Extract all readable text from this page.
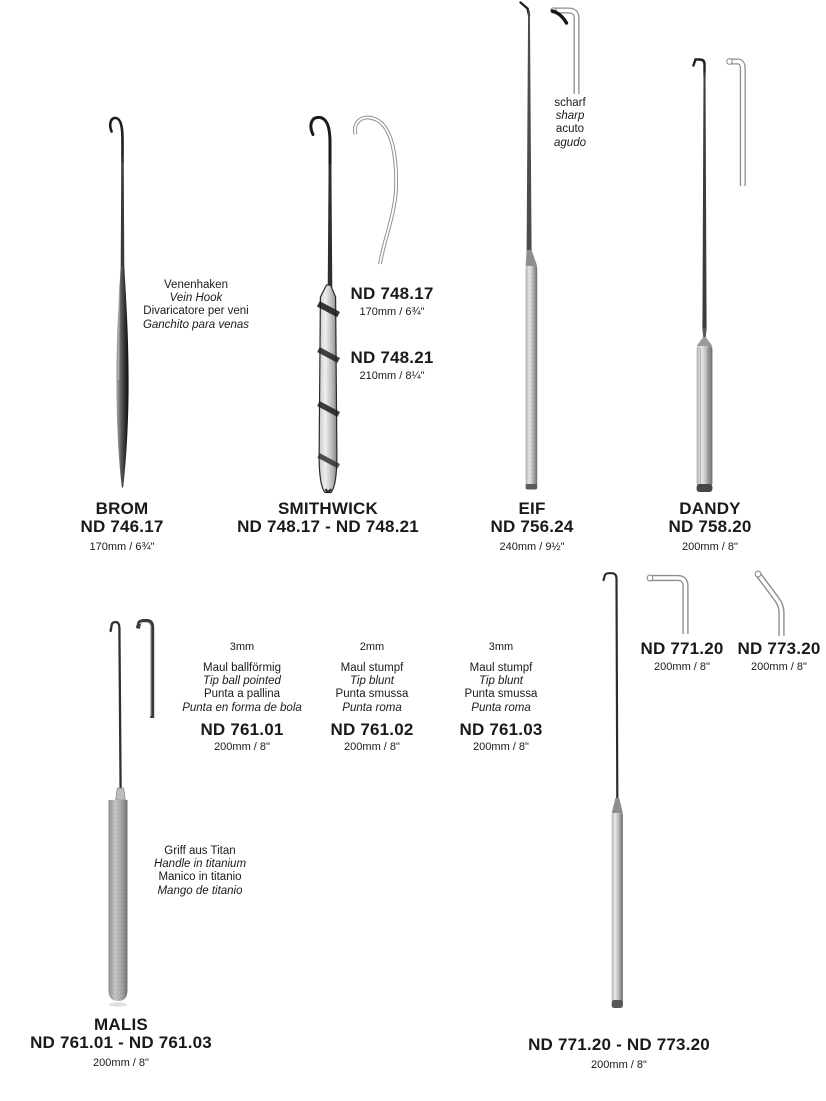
Venenhaken
Vein Hook
Divaricatore per veni
Ganchito para venas
ND 748.17
170mm / 6¾"
ND 748.21
210mm / 8¼"
scharf
sharp
acuto
agudo
BROM
ND 746.17
170mm / 6¾"
SMITHWICK
ND 748.17 - ND 748.21
EIF
ND 756.24
240mm / 9½"
DANDY
ND 758.20
200mm / 8"
3mm
Maul ballförmig
Tip ball pointed
Punta a pallina
Punta en forma de bola
ND 761.01
200mm / 8"
2mm
Maul stumpf
Tip blunt
Punta smussa
Punta roma
ND 761.02
200mm / 8"
3mm
Maul stumpf
Tip blunt
Punta smussa
Punta roma
ND 761.03
200mm / 8"
ND 771.20
200mm / 8"
ND 773.20
200mm / 8"
Griff aus Titan
Handle in titanium
Manico in titanio
Mango de titanio
MALIS
ND 761.01 - ND 761.03
200mm / 8"
ND 771.20 - ND 773.20
200mm / 8"
